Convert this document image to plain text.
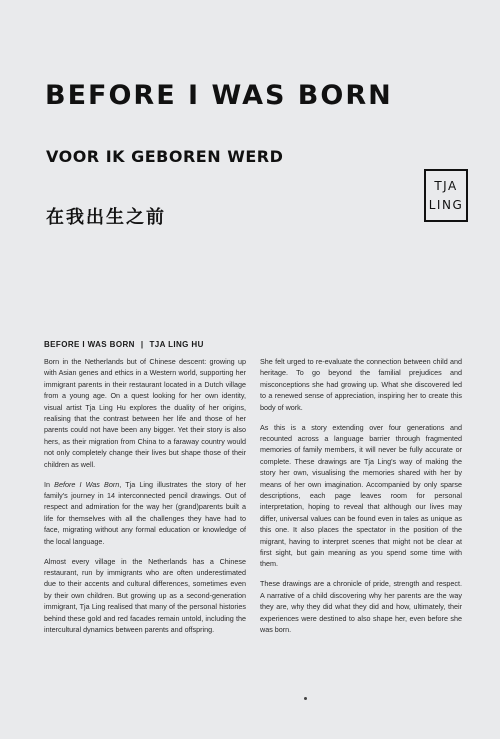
BEFORE I WAS BORN
VOOR IK GEBOREN WERD
在我出生之前
TJA
LING
BEFORE I WAS BORN | TJA LING HU

Born in the Netherlands but of Chinese descent: growing up with Asian genes and ethics in a Western world, supporting her immigrant parents in their restaurant located in a Dutch village from a young age. On a quest looking for her own identity, visual artist Tja Ling Hu explores the duality of her origins, realising that the contrast between her life and those of her parents could not have been any bigger. Yet their story is also hers, as their migration from China to a faraway country would not only completely change their lives but shape those of their children as well.

In Before I Was Born, Tja Ling illustrates the story of her family's journey in 14 interconnected pencil drawings. Out of respect and admiration for the way her (grand)parents built a life for themselves with all the challenges they have had to face, migrating without any formal education or knowledge of the local language.

Almost every village in the Netherlands has a Chinese restaurant, run by immigrants who are often underestimated due to their accents and cultural differences, sometimes even by their own children. But growing up as a second-generation immigrant, Tja Ling realised that many of the personal histories behind these gold and red facades remain untold, including the intercultural dynamics between parents and offspring.

She felt urged to re-evaluate the connection between child and heritage. To go beyond the familial prejudices and misconceptions she had growing up. What she discovered led to a renewed sense of appreciation, inspiring her to create this body of work.

As this is a story extending over four generations and recounted across a language barrier through fragmented memories of family members, it will never be fully accurate or complete. These drawings are Tja Ling's way of making the story her own, visualising the memories shared with her by means of her own imagination. Accompanied by only sparse descriptions, each page leaves room for personal interpretation, hoping to reveal that although our lives may differ, universal values can be found even in tales as unique as this one. It also places the spectator in the position of the migrant, having to interpret scenes that might not be clear at first sight, but gain meaning as you spend some time with them.

These drawings are a chronicle of pride, strength and respect. A narrative of a child discovering why her parents are the way they are, why they did what they did and how, ultimately, their experiences were destined to also shape her, even before she was born.
